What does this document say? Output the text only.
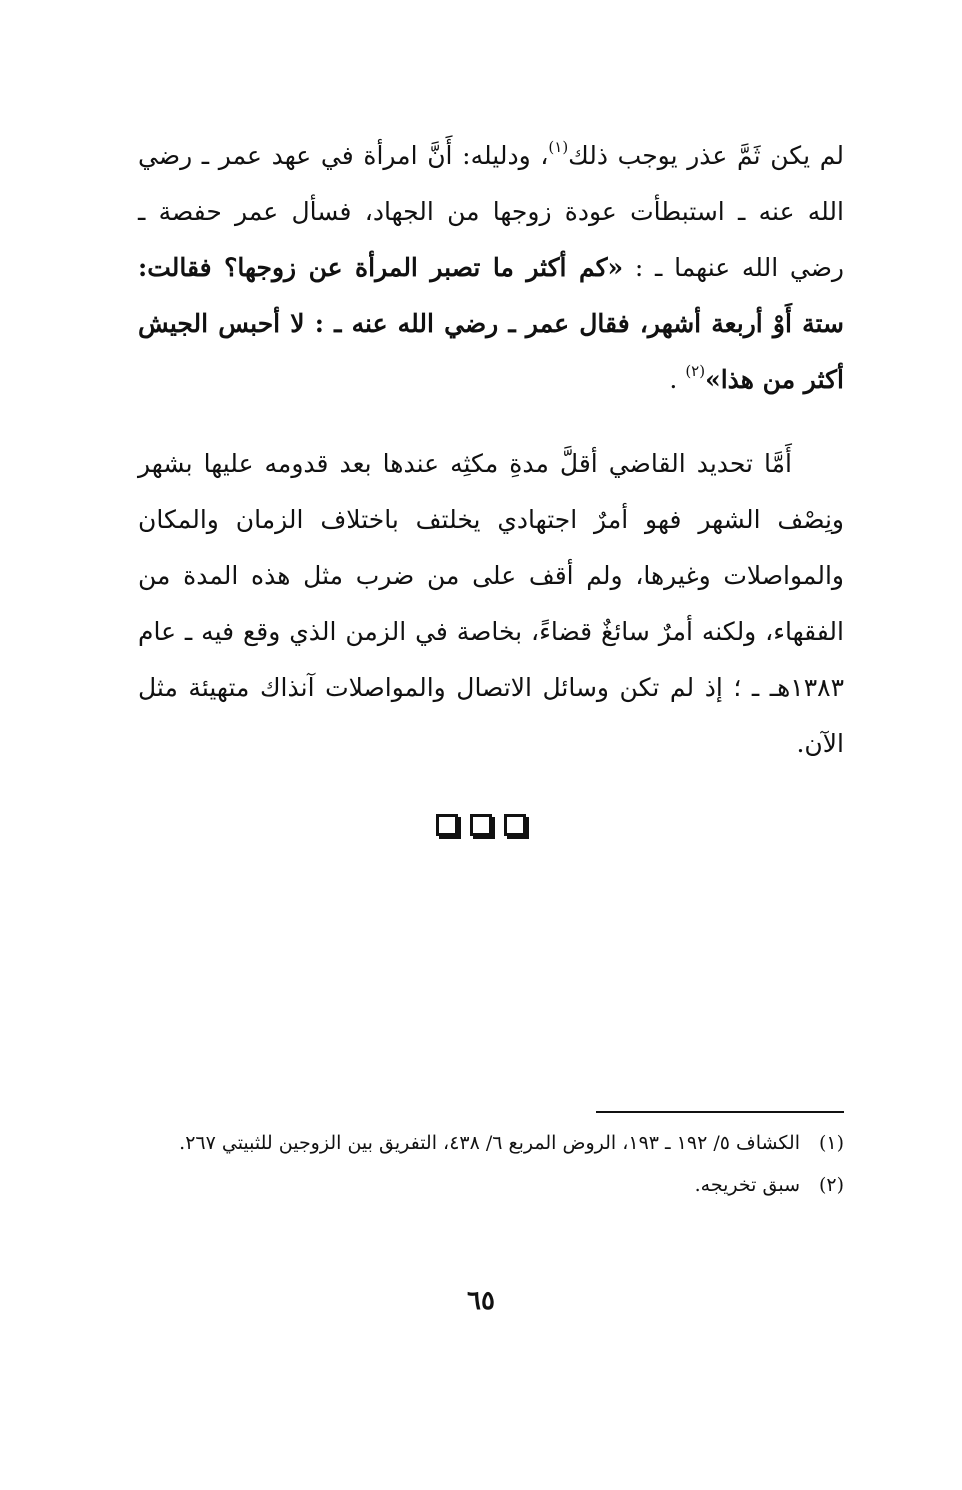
لم يكن ثَمَّ عذر يوجب ذلك$^{(١)}$، ودليله: أَنَّ امرأة في عهد عمر ـ رضي الله عنه ـ استبطأت عودة زوجها من الجهاد، فسأل عمر حفصة ـ رضي الله عنهما ـ : «كم أكثر ما تصبر المرأة عن زوجها؟ فقالت: ستة أَوْ أربعة أشهر، فقال عمر ـ رضي الله عنه ـ : لا أحبس الجيش أكثر من هذا»$^{(٢)}$ .

أَمَّا تحديد القاضي أقلَّ مدةِ مكثِه عندها بعد قدومه عليها بشهر ونِصْف الشهر فهو أمرٌ اجتهادي يخلتف باختلاف الزمان والمكان والمواصلات وغيرها، ولم أقف على من ضرب مثل هذه المدة من الفقهاء، ولكنه أمرٌ سائغٌ قضاءً، بخاصة في الزمن الذي وقع فيه ـ عام ١٣٨٣هـ ـ ؛ إذ لم تكن وسائل الاتصال والمواصلات آنذاك متهيئة مثل الآن.

(١)
الكشاف ٥/ ١٩٢ ـ ١٩٣، الروض المربع ٦/ ٤٣٨، التفريق بين الزوجين للثبيتي ٢٦٧.
(٢)
سبق تخريجه.
٦٥
